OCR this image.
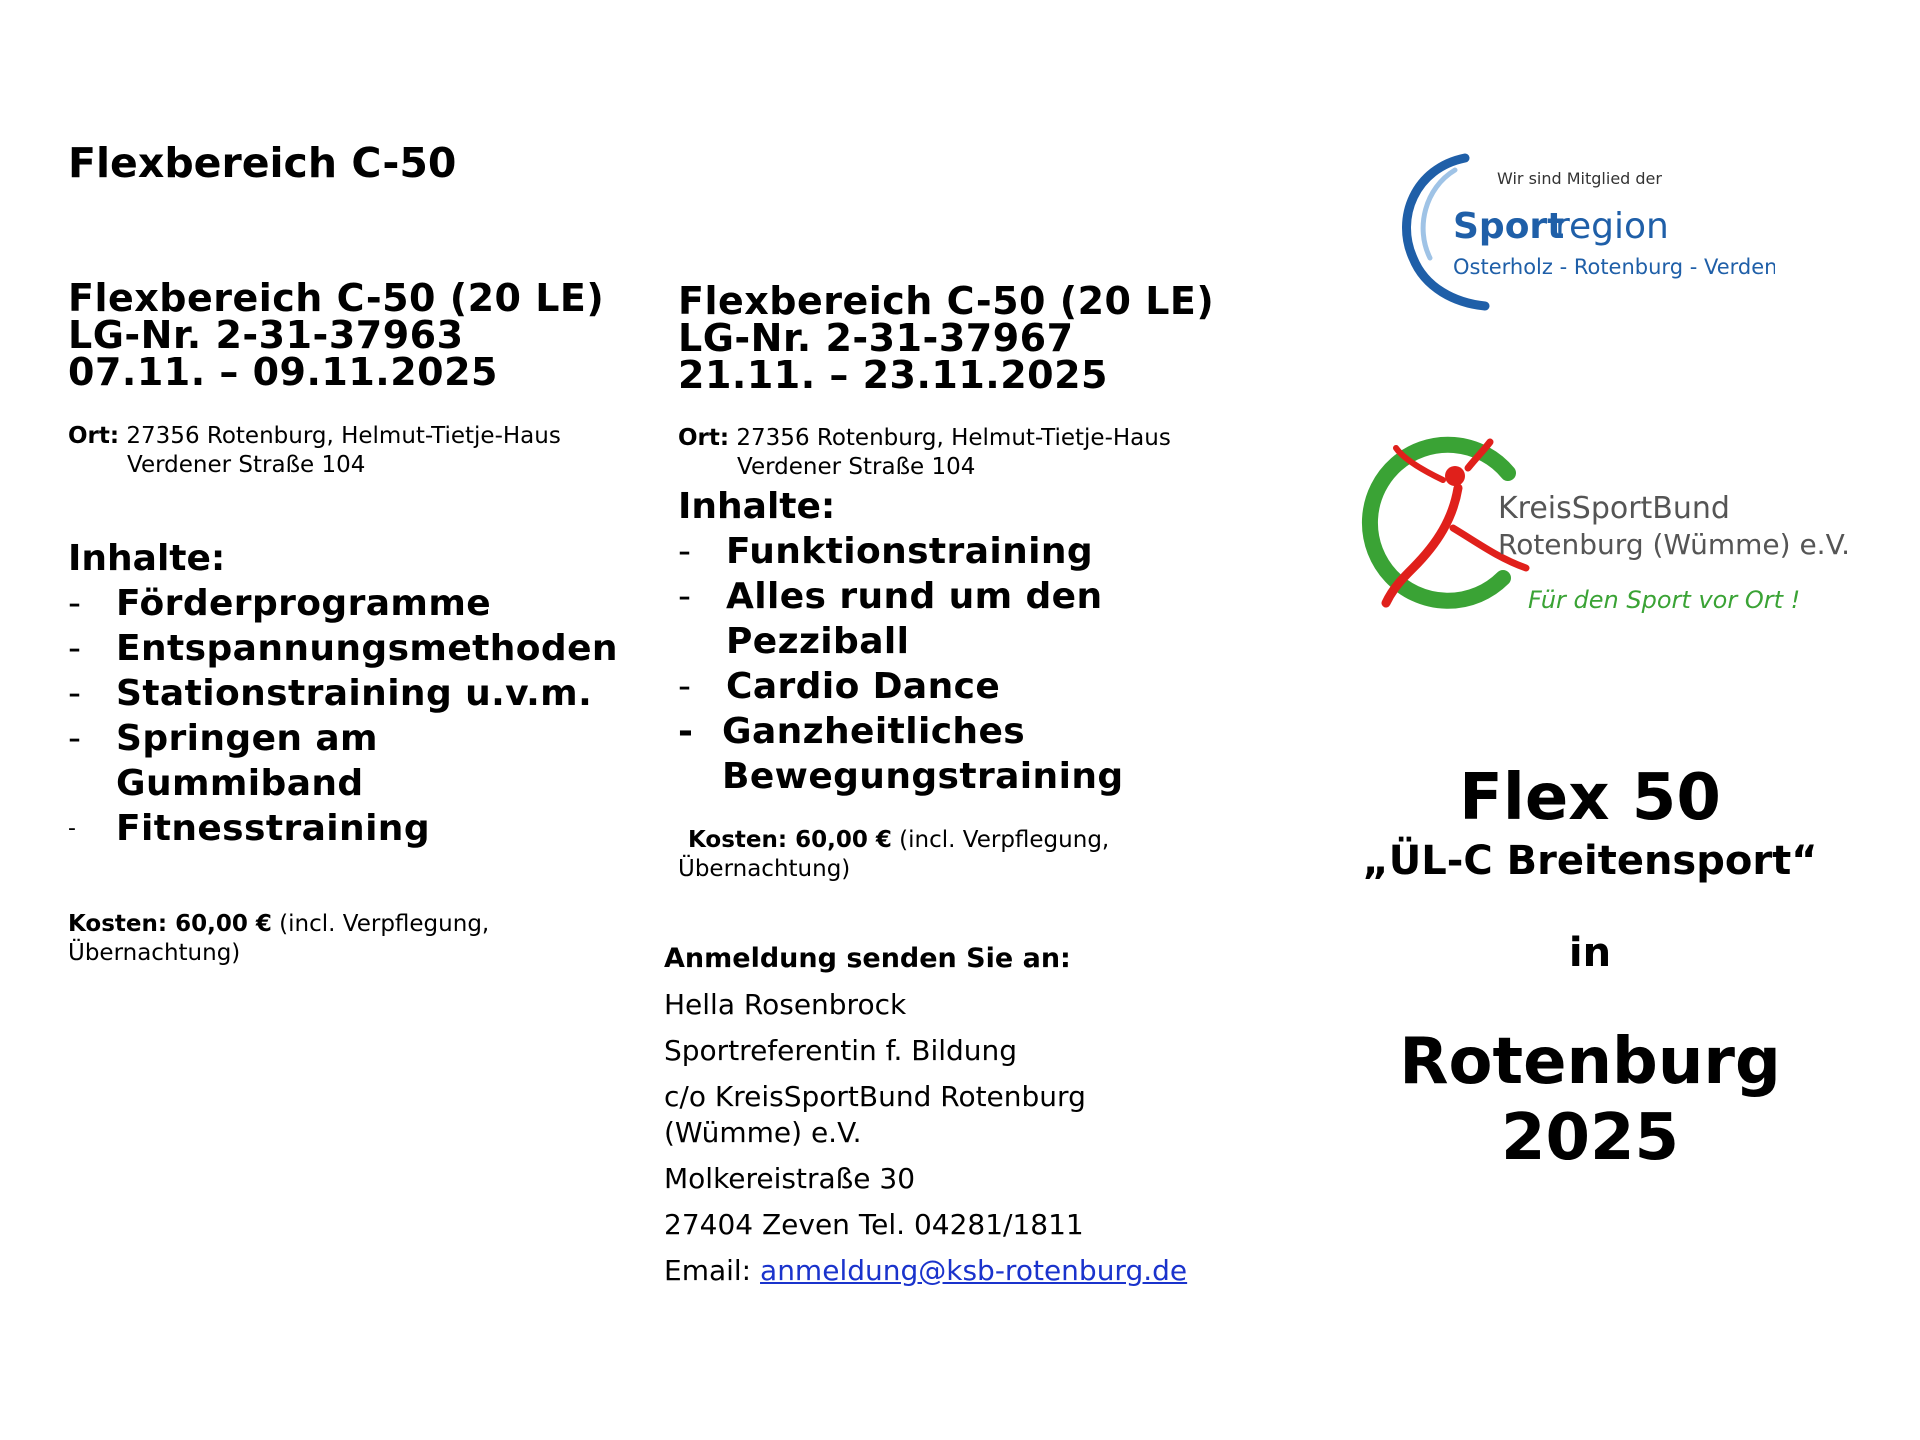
Flexbereich C-50
Flexbereich C-50 (20 LE)
LG-Nr. 2-31-37963
07.11. – 09.11.2025
Ort: 27356 Rotenburg, Helmut-Tietje-Haus
Verdener Straße 104
Inhalte:
- Förderprogramme
- Entspannungsmethoden
- Stationstraining u.v.m.
- Springen am Gummiband
-	Fitnesstraining
Kosten: 60,00 € (incl. Verpflegung,
Übernachtung)
Flexbereich C-50 (20 LE)
LG-Nr. 2-31-37967
21.11. – 23.11.2025
Ort: 27356 Rotenburg, Helmut-Tietje-Haus
Verdener Straße 104
Inhalte:
- Funktionstraining
- Alles rund um den Pezziball
- Cardio Dance
- Ganzheitliches Bewegungstraining
Kosten: 60,00 € (incl. Verpflegung,
Übernachtung)
Anmeldung senden Sie an:
Hella Rosenbrock
Sportreferentin f. Bildung
c/o KreisSportBund Rotenburg
(Wümme) e.V.
Molkereistraße 30
27404 Zeven Tel. 04281/1811
Email: anmeldung@ksb-rotenburg.de
Wir sind Mitglied der
Sport
region
Osterholz - Rotenburg - Verden
KreisSportBund
Rotenburg (Wümme) e.V.
Für den Sport vor Ort !
Flex 50
„ÜL-C Breitensport“
in
Rotenburg
2025
